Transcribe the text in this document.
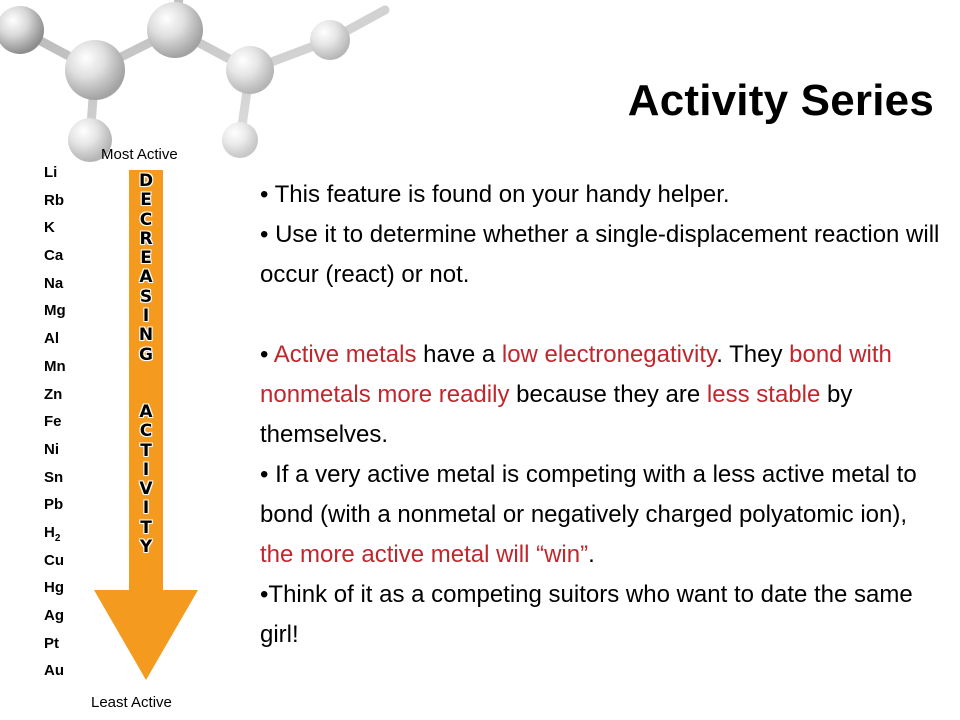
Activity Series
Most Active
Least Active
Li
Rb
K
Ca
Na
Mg
Al
Mn
Zn
Fe
Ni
Sn
Pb
$H_2$
Cu
Hg
Ag
Pt
Au
D
E
C
R
E
A
S
I
N
G
A
C
T
I
V
I
T
Y

• This feature is found on your handy helper.

• Use it to determine whether a single-displacement reaction will occur (react) or not.

• Active metals have a low electronegativity. They bond with nonmetals more readily because they are less stable by themselves.

• If a very active metal is competing with a less active metal to bond (with a nonmetal or negatively charged polyatomic ion), the more active metal will “win”.

•Think of it as a competing suitors who want to date the same girl!
